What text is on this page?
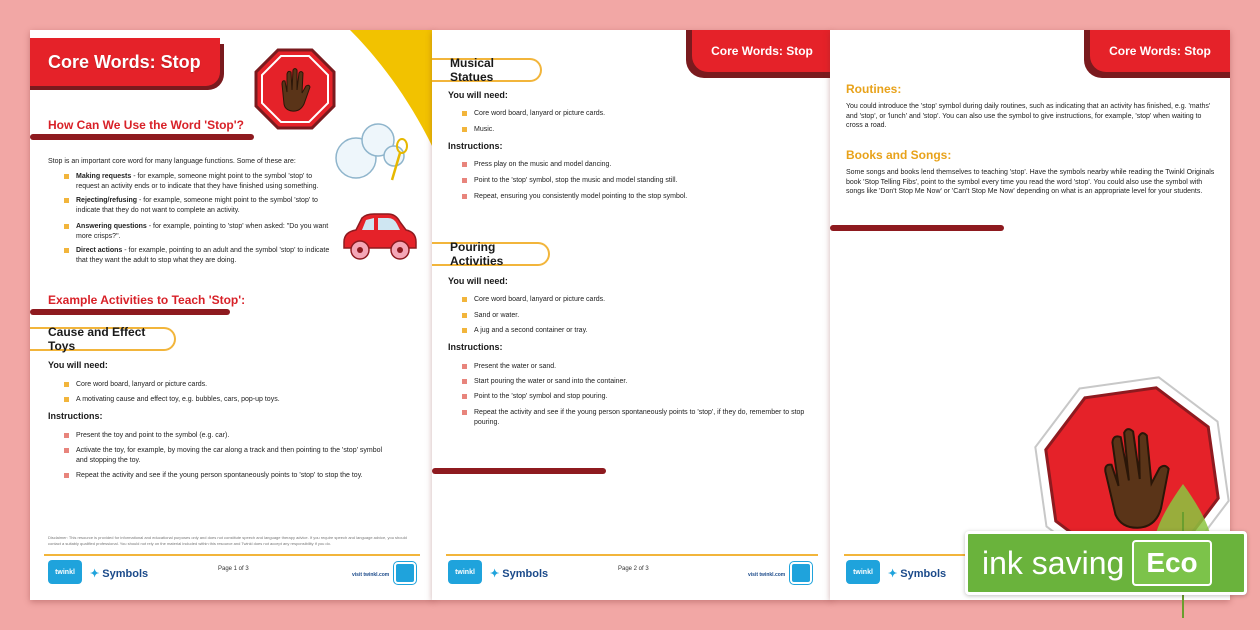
Core Words: Stop
How Can We Use the Word 'Stop'?
Stop is an important core word for many language functions. Some of these are:
Making requests - for example, someone might point to the symbol 'stop' to request an activity ends or to indicate that they have finished using something.
Rejecting/refusing - for example, someone might point to the symbol 'stop' to indicate that they do not want to complete an activity.
Answering questions - for example, pointing to 'stop' when asked: "Do you want more crisps?".
Direct actions - for example, pointing to an adult and the symbol 'stop' to indicate that they want the adult to stop what they are doing.
Example Activities to Teach 'Stop':
Cause and Effect Toys
You will need:
Core word board, lanyard or picture cards.
A motivating cause and effect toy, e.g. bubbles, cars, pop-up toys.
Instructions:
Present the toy and point to the symbol (e.g. car).
Activate the toy, for example, by moving the car along a track and then pointing to the 'stop' symbol and stopping the toy.
Repeat the activity and see if the young person spontaneously points to 'stop' to stop the toy.
Disclaimer: This resource is provided for informational and educational purposes only and does not constitute speech and language therapy advice. If you require speech and language advice, you should contact a suitably qualified professional. You should not rely on the material included within this resource and Twinkl does not accept any responsibility if you do.
twinkl	✦ Symbols	Page 1 of 3
visit twinkl.com
Core Words: Stop
Musical Statues
You will need:
Core word board, lanyard or picture cards.
Music.
Instructions:
Press play on the music and model dancing.
Point to the 'stop' symbol, stop the music and model standing still.
Repeat, ensuring you consistently model pointing to the stop symbol.
Pouring Activities
You will need:
Core word board, lanyard or picture cards.
Sand or water.
A jug and a second container or tray.
Instructions:
Present the water or sand.
Start pouring the water or sand into the container.
Point to the 'stop' symbol and stop pouring.
Repeat the activity and see if the young person spontaneously points to 'stop', if they do, remember to stop pouring.
twinkl	✦ Symbols	Page 2 of 3
visit twinkl.com
Core Words: Stop
Routines:
You could introduce the 'stop' symbol during daily routines, such as indicating that an activity has finished, e.g. 'maths' and 'stop', or 'lunch' and 'stop'. You can also use the symbol to give instructions, for example, 'stop' when waiting to cross a road.
Books and Songs:
Some songs and books lend themselves to teaching 'stop'. Have the symbols nearby while reading the Twinkl Originals book 'Stop Telling Fibs', point to the symbol every time you read the word 'stop'. You could also use the symbol with songs like 'Don't Stop Me Now' or 'Can't Stop Me Now' depending on what is an appropriate level for your students.
twinkl	✦ Symbols ink saving Eco
